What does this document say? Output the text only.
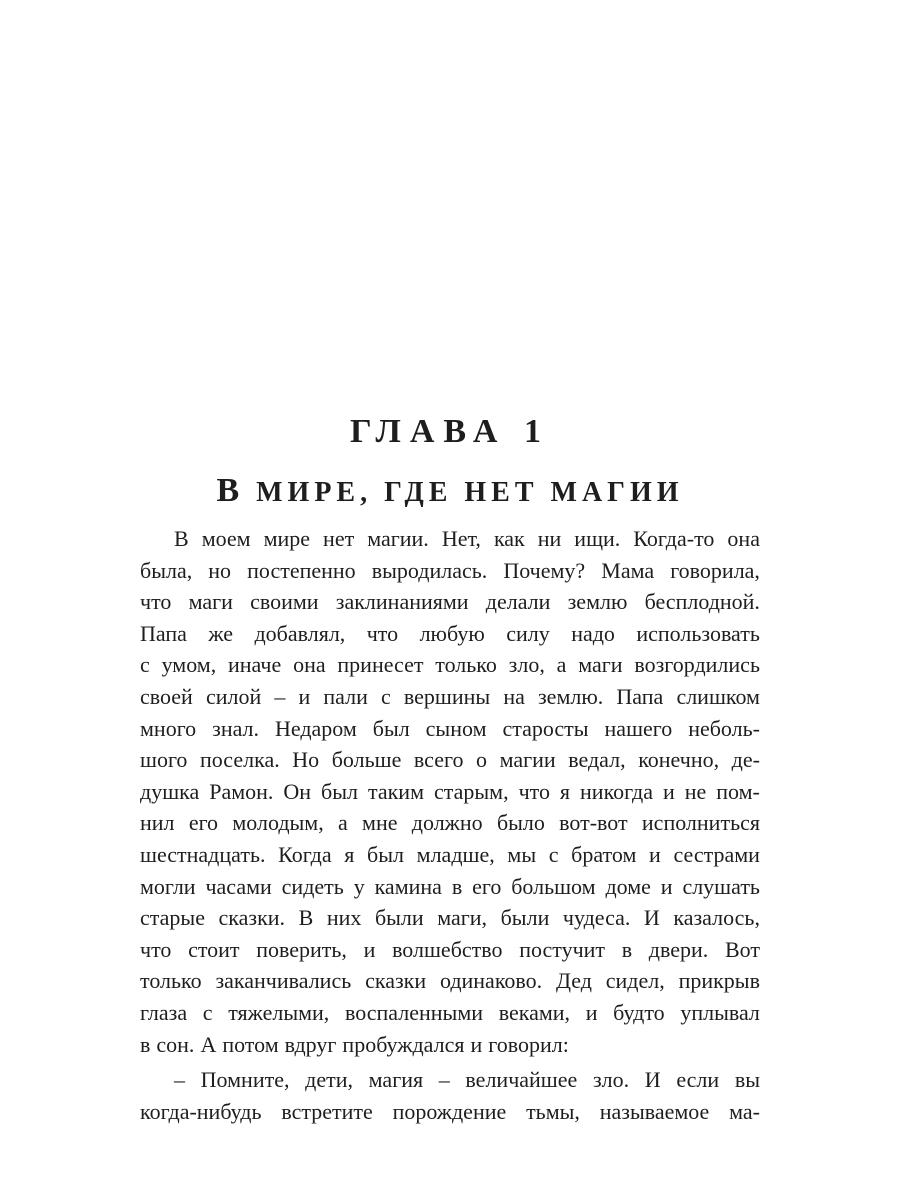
ГЛАВА 1
В МИРЕ, ГДЕ НЕТ МАГИИ
В моем мире нет магии. Нет, как ни ищи. Когда-то она
была, но постепенно выродилась. Почему? Мама говорила,
что маги своими заклинаниями делали землю бесплодной.
Папа же добавлял, что любую силу надо использовать
с умом, иначе она принесет только зло, а маги возгордились
своей силой – и пали с вершины на землю. Папа слишком
много знал. Недаром был сыном старосты нашего неболь-
шого поселка. Но больше всего о магии ведал, конечно, де-
душка Рамон. Он был таким старым, что я никогда и не пом-
нил его молодым, а мне должно было вот-вот исполниться
шестнадцать. Когда я был младше, мы с братом и сестрами
могли часами сидеть у камина в его большом доме и слушать
старые сказки. В них были маги, были чудеса. И казалось,
что стоит поверить, и волшебство постучит в двери. Вот
только заканчивались сказки одинаково. Дед сидел, прикрыв
глаза с тяжелыми, воспаленными веками, и будто уплывал
в сон. А потом вдруг пробуждался и говорил:
– Помните, дети, магия – величайшее зло. И если вы
когда-нибудь встретите порождение тьмы, называемое ма-
